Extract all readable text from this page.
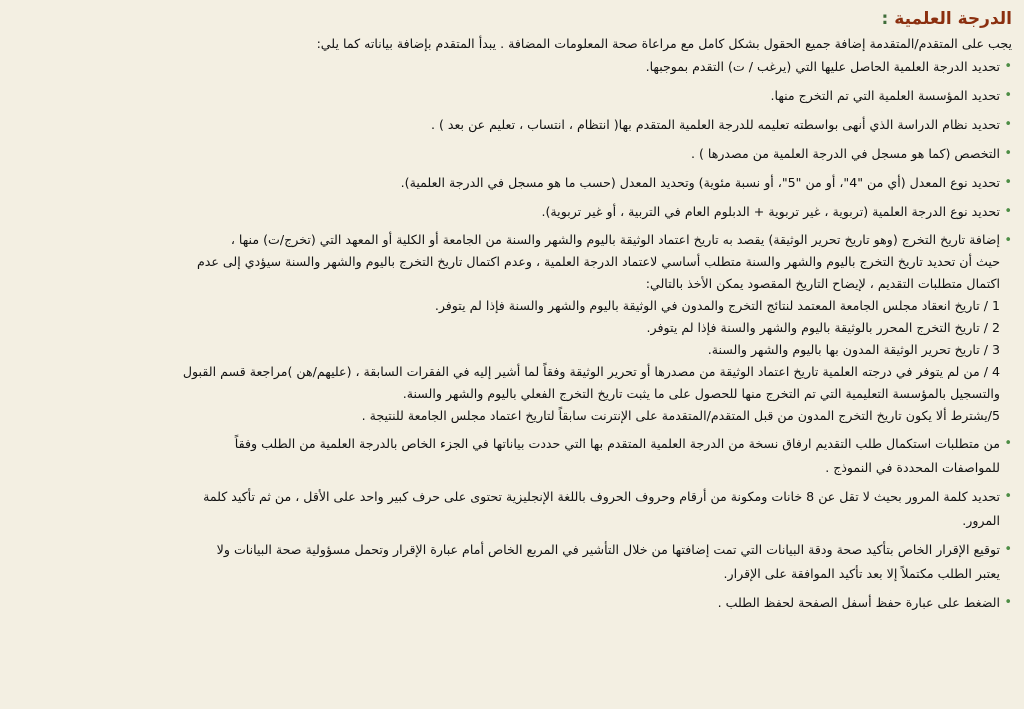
الدرجة العلمية
:

يجب على المتقدم/المتقدمة إضافة جميع الحقول بشكل كامل مع مراعاة صحة المعلومات المضافة . يبدأ المتقدم بإضافة بياناته كما يلي:

•
تحديد الدرجة العلمية الحاصل عليها التي (يرغب / ت) التقدم بموجبها.
•
تحديد المؤسسة العلمية التي تم التخرج منها.
•
تحديد نظام الدراسة الذي أنهى بواسطته تعليمه للدرجة العلمية المتقدم بها( انتظام ، انتساب ، تعليم عن بعد ) .
•
التخصص (كما هو مسجل في الدرجة العلمية من مصدرها ) .
•
تحديد نوع المعدل (أي من "4"، أو من "5"، أو نسبة مئوية) وتحديد المعدل (حسب ما هو مسجل في الدرجة العلمية).
•
تحديد نوع الدرجة العلمية (تربوية ، غير تربوية + الدبلوم العام في التربية ، أو غير تربوية).
•
إضافة تاريخ التخرج (وهو تاريخ تحرير الوثيقة) يقصد به تاريخ اعتماد الوثيقة باليوم والشهر والسنة من الجامعة أو الكلية أو المعهد التي (تخرج/ت) منها ،
حيث أن تحديد تاريخ التخرج باليوم والشهر والسنة متطلب أساسي لاعتماد الدرجة العلمية ، وعدم اكتمال تاريخ التخرج باليوم والشهر والسنة سيؤدي إلى عدم
اكتمال متطلبات التقديم ، لإيضاح التاريخ المقصود يمكن الأخذ بالتالي:
1 / تاريخ انعقاد مجلس الجامعة المعتمد لنتائج التخرج والمدون في الوثيقة باليوم والشهر والسنة فإذا لم يتوفر.
2 / تاريخ التخرج المحرر بالوثيقة باليوم والشهر والسنة فإذا لم يتوفر.
3 / تاريخ تحرير الوثيقة المدون بها باليوم والشهر والسنة.
4 / من لم يتوفر في درجته العلمية تاريخ اعتماد الوثيقة من مصدرها أو تحرير الوثيقة وفقاً لما أشير إليه في الفقرات السابقة ، (عليهم/هن )مراجعة قسم القبول
والتسجيل بالمؤسسة التعليمية التي تم التخرج منها للحصول على ما يثبت تاريخ التخرج الفعلي باليوم والشهر والسنة.
5/يشترط ألا يكون تاريخ التخرج المدون من قبل المتقدم/المتقدمة على الإنترنت سابقاً لتاريخ اعتماد مجلس الجامعة للنتيجة .
•
من متطلبات استكمال طلب التقديم ارفاق نسخة من الدرجة العلمية المتقدم بها التي حددت بياناتها في الجزء الخاص بالدرجة العلمية من الطلب وفقاً
للمواصفات المحددة في النموذج .
•
تحديد كلمة المرور بحيث لا تقل عن 8 خانات ومكونة من أرقام وحروف الحروف باللغة الإنجليزية تحتوى على حرف كبير واحد على الأقل ، من ثم تأكيد كلمة
المرور.
•
توقيع الإقرار الخاص بتأكيد صحة ودقة البيانات التي تمت إضافتها من خلال التأشير في المربع الخاص أمام عبارة الإقرار وتحمل مسؤولية صحة البيانات ولا
يعتبر الطلب مكتملاً إلا بعد تأكيد الموافقة على الإقرار.
•
الضغط على عبارة حفظ أسفل الصفحة لحفظ الطلب .
